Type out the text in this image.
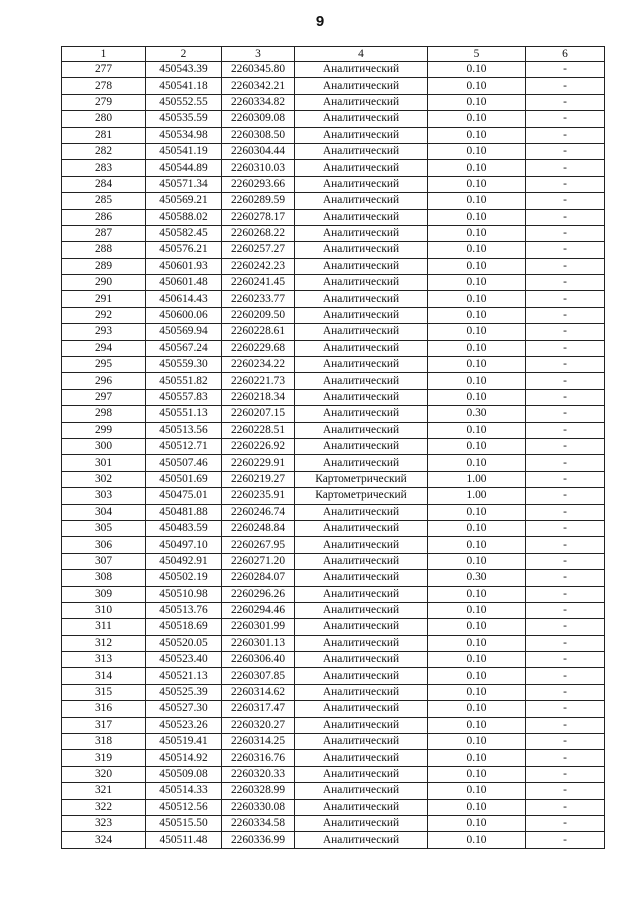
9
1	2	3	4	5	6
277	450543.39	2260345.80	Аналитический	0.10	-
278	450541.18	2260342.21	Аналитический	0.10	-
279	450552.55	2260334.82	Аналитический	0.10	-
280	450535.59	2260309.08	Аналитический	0.10	-
281	450534.98	2260308.50	Аналитический	0.10	-
282	450541.19	2260304.44	Аналитический	0.10	-
283	450544.89	2260310.03	Аналитический	0.10	-
284	450571.34	2260293.66	Аналитический	0.10	-
285	450569.21	2260289.59	Аналитический	0.10	-
286	450588.02	2260278.17	Аналитический	0.10	-
287	450582.45	2260268.22	Аналитический	0.10	-
288	450576.21	2260257.27	Аналитический	0.10	-
289	450601.93	2260242.23	Аналитический	0.10	-
290	450601.48	2260241.45	Аналитический	0.10	-
291	450614.43	2260233.77	Аналитический	0.10	-
292	450600.06	2260209.50	Аналитический	0.10	-
293	450569.94	2260228.61	Аналитический	0.10	-
294	450567.24	2260229.68	Аналитический	0.10	-
295	450559.30	2260234.22	Аналитический	0.10	-
296	450551.82	2260221.73	Аналитический	0.10	-
297	450557.83	2260218.34	Аналитический	0.10	-
298	450551.13	2260207.15	Аналитический	0.30	-
299	450513.56	2260228.51	Аналитический	0.10	-
300	450512.71	2260226.92	Аналитический	0.10	-
301	450507.46	2260229.91	Аналитический	0.10	-
302	450501.69	2260219.27	Картометрический	1.00	-
303	450475.01	2260235.91	Картометрический	1.00	-
304	450481.88	2260246.74	Аналитический	0.10	-
305	450483.59	2260248.84	Аналитический	0.10	-
306	450497.10	2260267.95	Аналитический	0.10	-
307	450492.91	2260271.20	Аналитический	0.10	-
308	450502.19	2260284.07	Аналитический	0.30	-
309	450510.98	2260296.26	Аналитический	0.10	-
310	450513.76	2260294.46	Аналитический	0.10	-
311	450518.69	2260301.99	Аналитический	0.10	-
312	450520.05	2260301.13	Аналитический	0.10	-
313	450523.40	2260306.40	Аналитический	0.10	-
314	450521.13	2260307.85	Аналитический	0.10	-
315	450525.39	2260314.62	Аналитический	0.10	-
316	450527.30	2260317.47	Аналитический	0.10	-
317	450523.26	2260320.27	Аналитический	0.10	-
318	450519.41	2260314.25	Аналитический	0.10	-
319	450514.92	2260316.76	Аналитический	0.10	-
320	450509.08	2260320.33	Аналитический	0.10	-
321	450514.33	2260328.99	Аналитический	0.10	-
322	450512.56	2260330.08	Аналитический	0.10	-
323	450515.50	2260334.58	Аналитический	0.10	-
324	450511.48	2260336.99	Аналитический	0.10	-
